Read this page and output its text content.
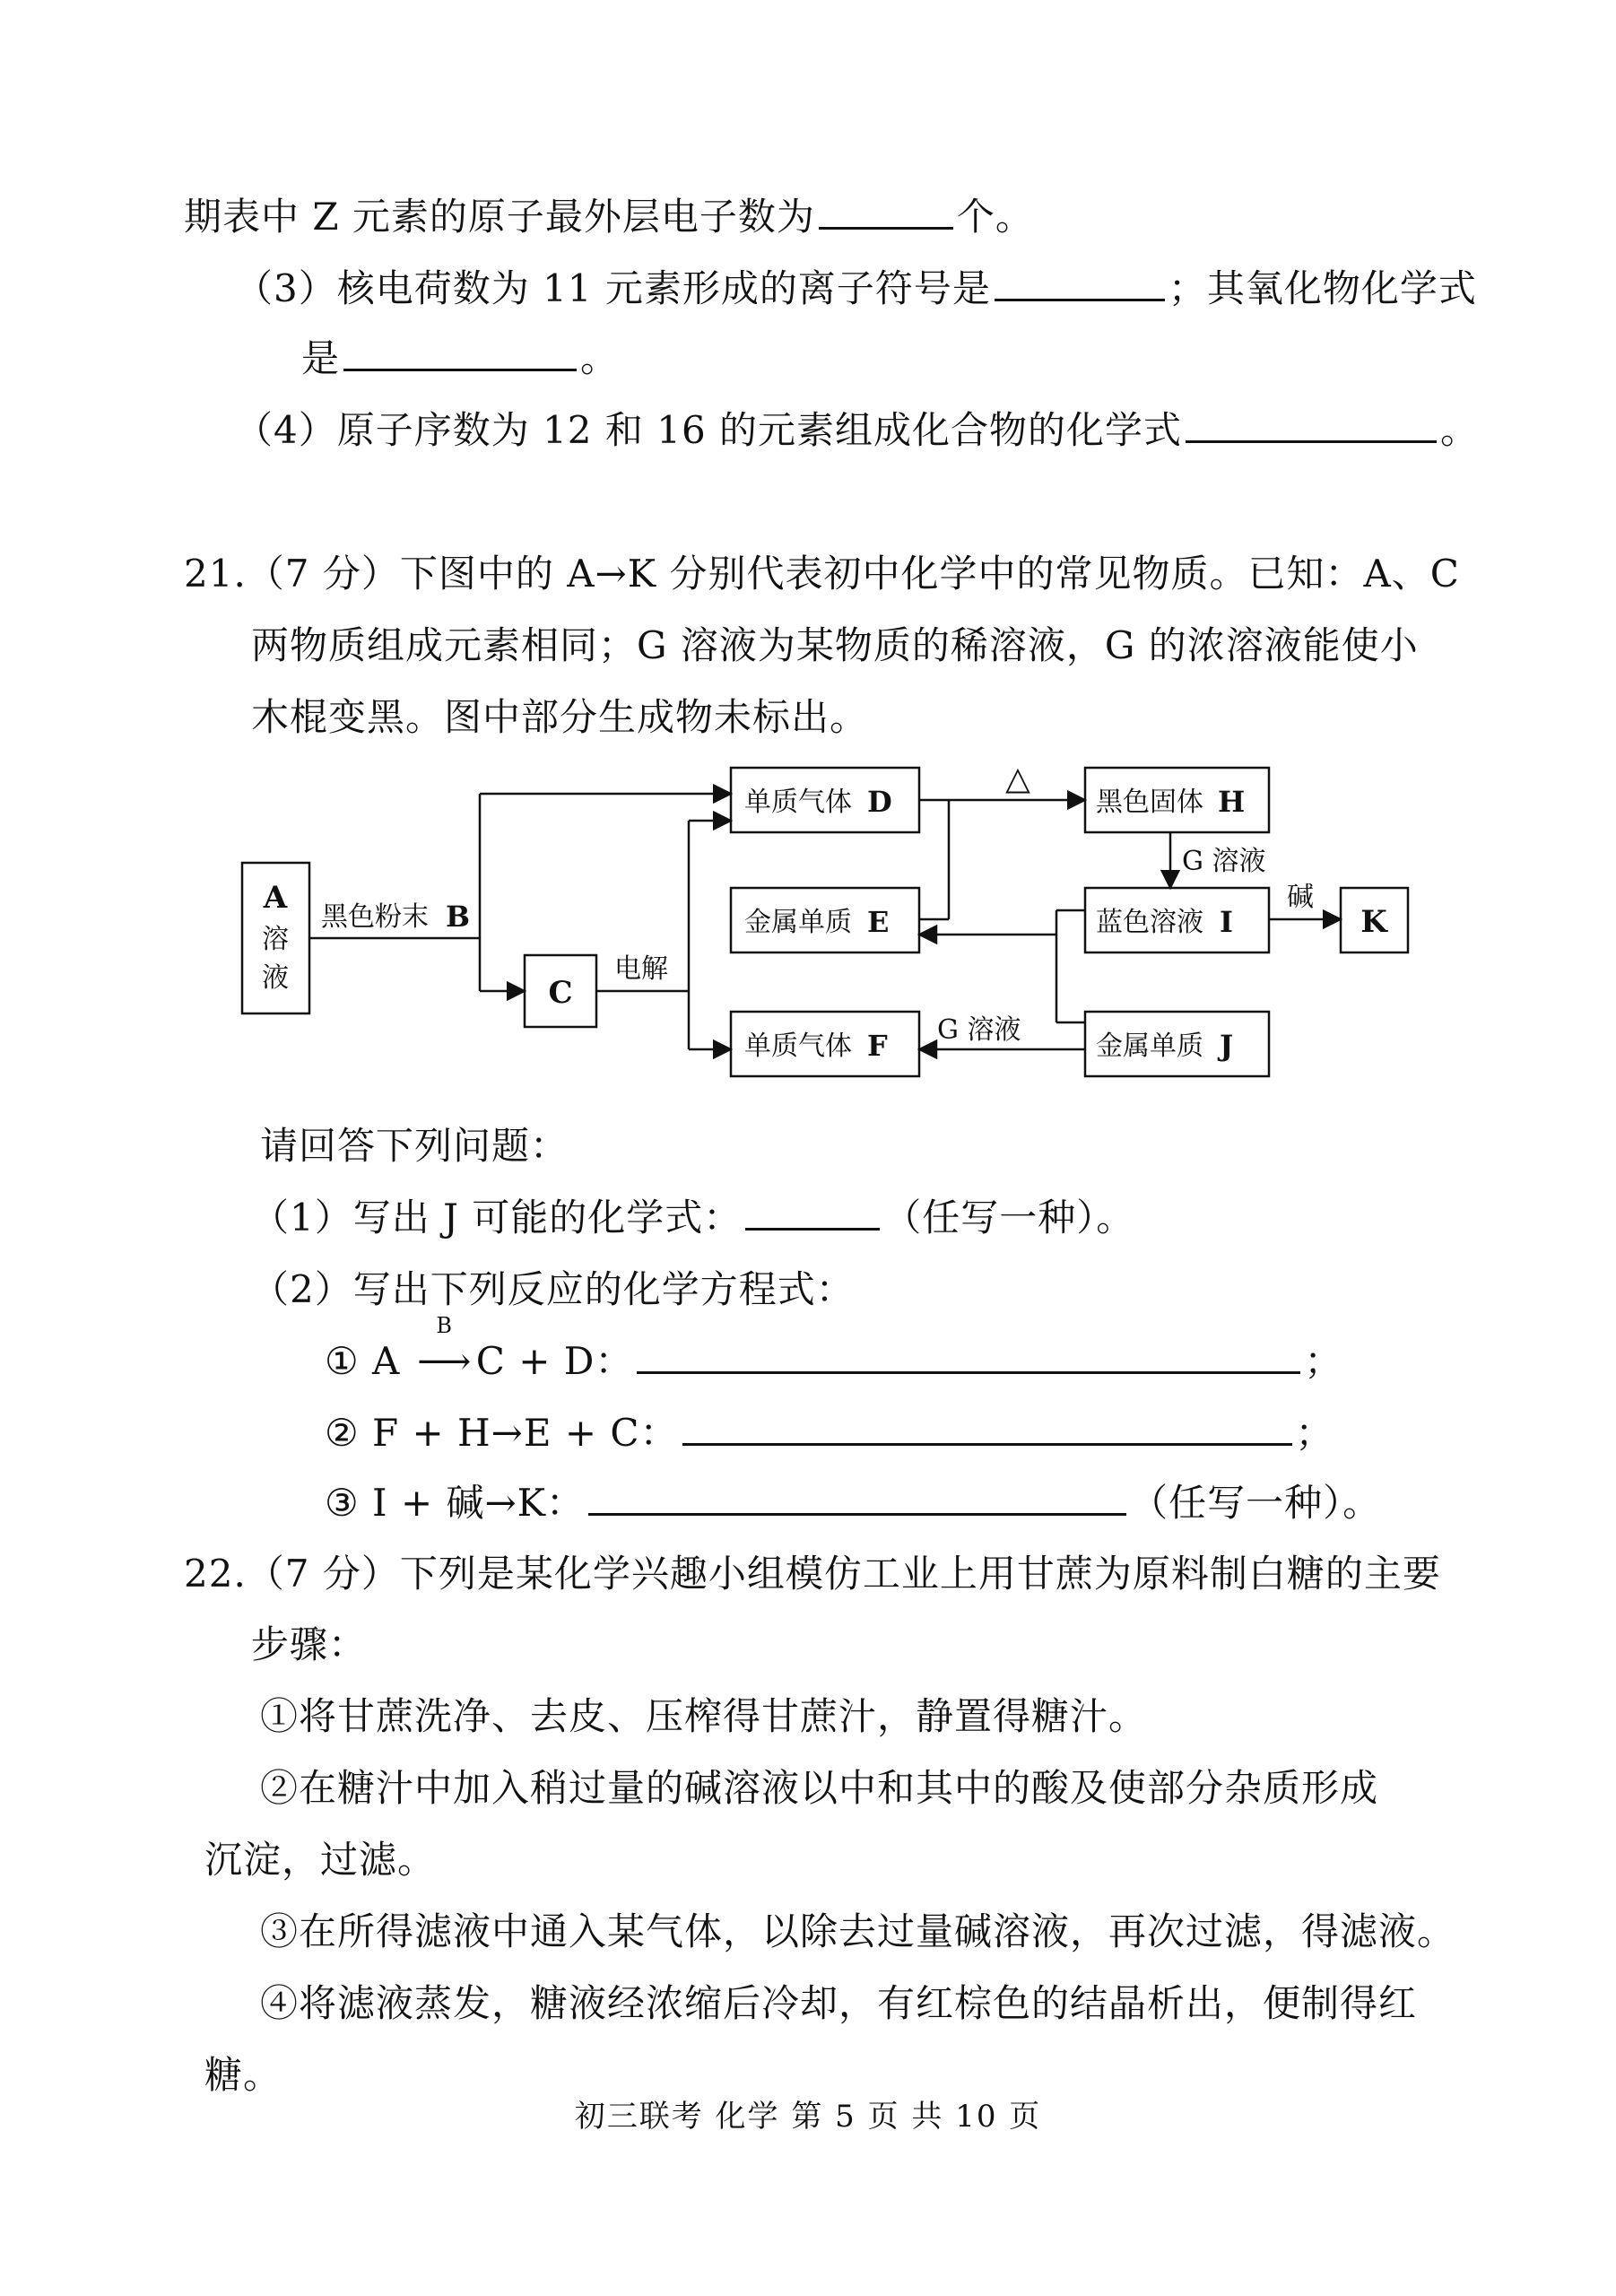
期表中 Z 元素的原子最外层电子数为	个。
（3）核电荷数为 11 元素形成的离子符号是	；其氧化物化学式
是	。
（4）原子序数为 12 和 16 的元素组成化合物的化学式	。
21.（7 分）下图中的 A→K 分别代表初中化学中的常见物质。已知：A、C
两物质组成元素相同；G 溶液为某物质的稀溶液，G 的浓溶液能使小
木棍变黑。图中部分生成物未标出。
A
溶
液
黑色粉末 B
C
电解
单质气体 D
金属单质 E
单质气体 F
黑色固体 H
蓝色溶液 I
金属单质 J
K
△
G 溶液
碱
G 溶液
请回答下列问题：
（1）写出 J 可能的化学式：	（任写一种）。
（2）写出下列反应的化学方程式：
① A
B
⟶ C + D：	；
② F + H→E + C：	；
③ I + 碱→K：	（任写一种）。
22.（7 分）下列是某化学兴趣小组模仿工业上用甘蔗为原料制白糖的主要
步骤：
①将甘蔗洗净、去皮、压榨得甘蔗汁，静置得糖汁。
②在糖汁中加入稍过量的碱溶液以中和其中的酸及使部分杂质形成
沉淀，过滤。
③在所得滤液中通入某气体，以除去过量碱溶液，再次过滤，得滤液。
④将滤液蒸发，糖液经浓缩后冷却，有红棕色的结晶析出，便制得红
糖。
初三联考 化学 第 5 页 共 10 页
